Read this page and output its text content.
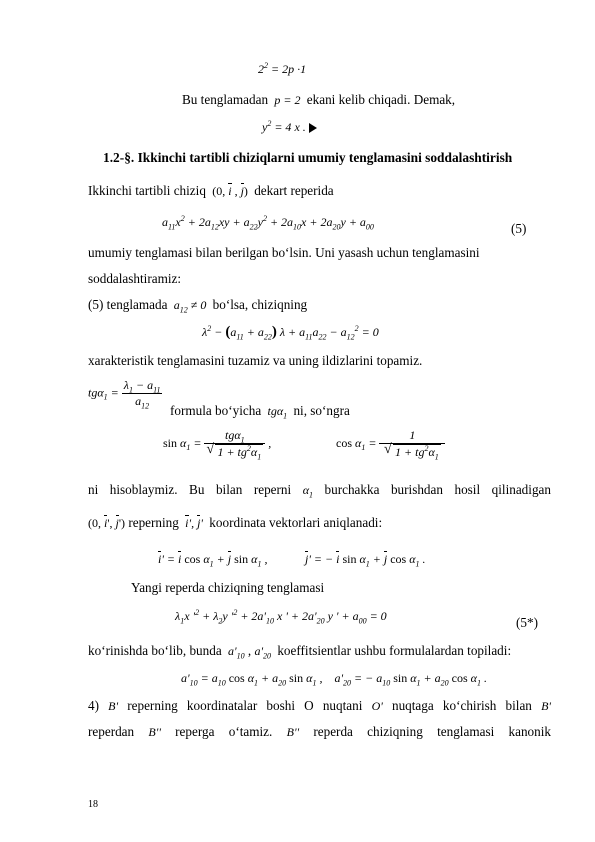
$2^2 = 2p \cdot 1$
Bu tenglamadan p = 2  ekani kelib chiqadi. Demak,
$y^2 = 4$ x .
1.2-§. Ikkinchi tartibli chiziqlarni umumiy tenglamasini soddalashtirish
Ikkinchi tartibli chiziq  (0, i , j)  dekart reperida
$a_{11}x^2 + 2a_{12}xy + a_{22}y^2 + 2a_{10}x + 2a_{20}y + a_{00}$	(5)
umumiy tenglamasi bilan berilgan bo‘lsin. Uni yasash uchun tenglamasini
soddalashtiramiz:
(5) tenglamada $a_{12} \ne 0$  bo‘lsa, chiziqning
$\lambda^2 - (a_{11} + a_{22}) \lambda + a_{11}a_{22} - a_{12}^2 = 0$
xarakteristik tenglamasini tuzamiz va uning ildizlarini topamiz.
$tg\alpha_1 = \frac{\lambda_1 - a_{11}}{a_{12}}$
formula bo‘yicha tgα$_1$ ni, so‘ngra
$\sin \alpha_1 = tg\alpha_1$
√ $1 + tg^2\alpha_1$ ,	$\cos \alpha_1 = 1$
√ $1 + tg^2\alpha_1$
ni hisoblaymiz. Bu bilan reperni $\alpha_1$ burchakka burishdan hosil qilinadigan
(0, i', j') reperning i', j'  koordinata vektorlari aniqlanadi:
i' = i $\cos \alpha_1 + j$ $\sin \alpha_1$ ,	j' = − i $\sin \alpha_1 + j$ $\cos \alpha_1$ .
Yangi reperda chiziqning tenglamasi
$\lambda_1x$ '$^2 + \lambda_2y$ '$^2 + 2a'_{10}$ x ' + $2a'_{20}$ y ' + $a_{00} = 0$	(5*)
ko‘rinishda bo‘lib, bunda $a'_{10}$ , $a'_{20}$ koeffitsientlar ushbu formulalardan topiladi:
$a'_{10} = a_{10}$ $\cos \alpha_1 + a_{20}$ $\sin \alpha_1$ ,    $a'_{20}$ = − $a_{10}$ $\sin \alpha_1 + a_{20}$ $\cos \alpha_1$ .
4) B' reperning koordinatalar boshi O nuqtani O' nuqtaga ko‘chirish bilan B'
reperdan B'' reperga o‘tamiz. B'' reperda chiziqning tenglamasi kanonik
18
